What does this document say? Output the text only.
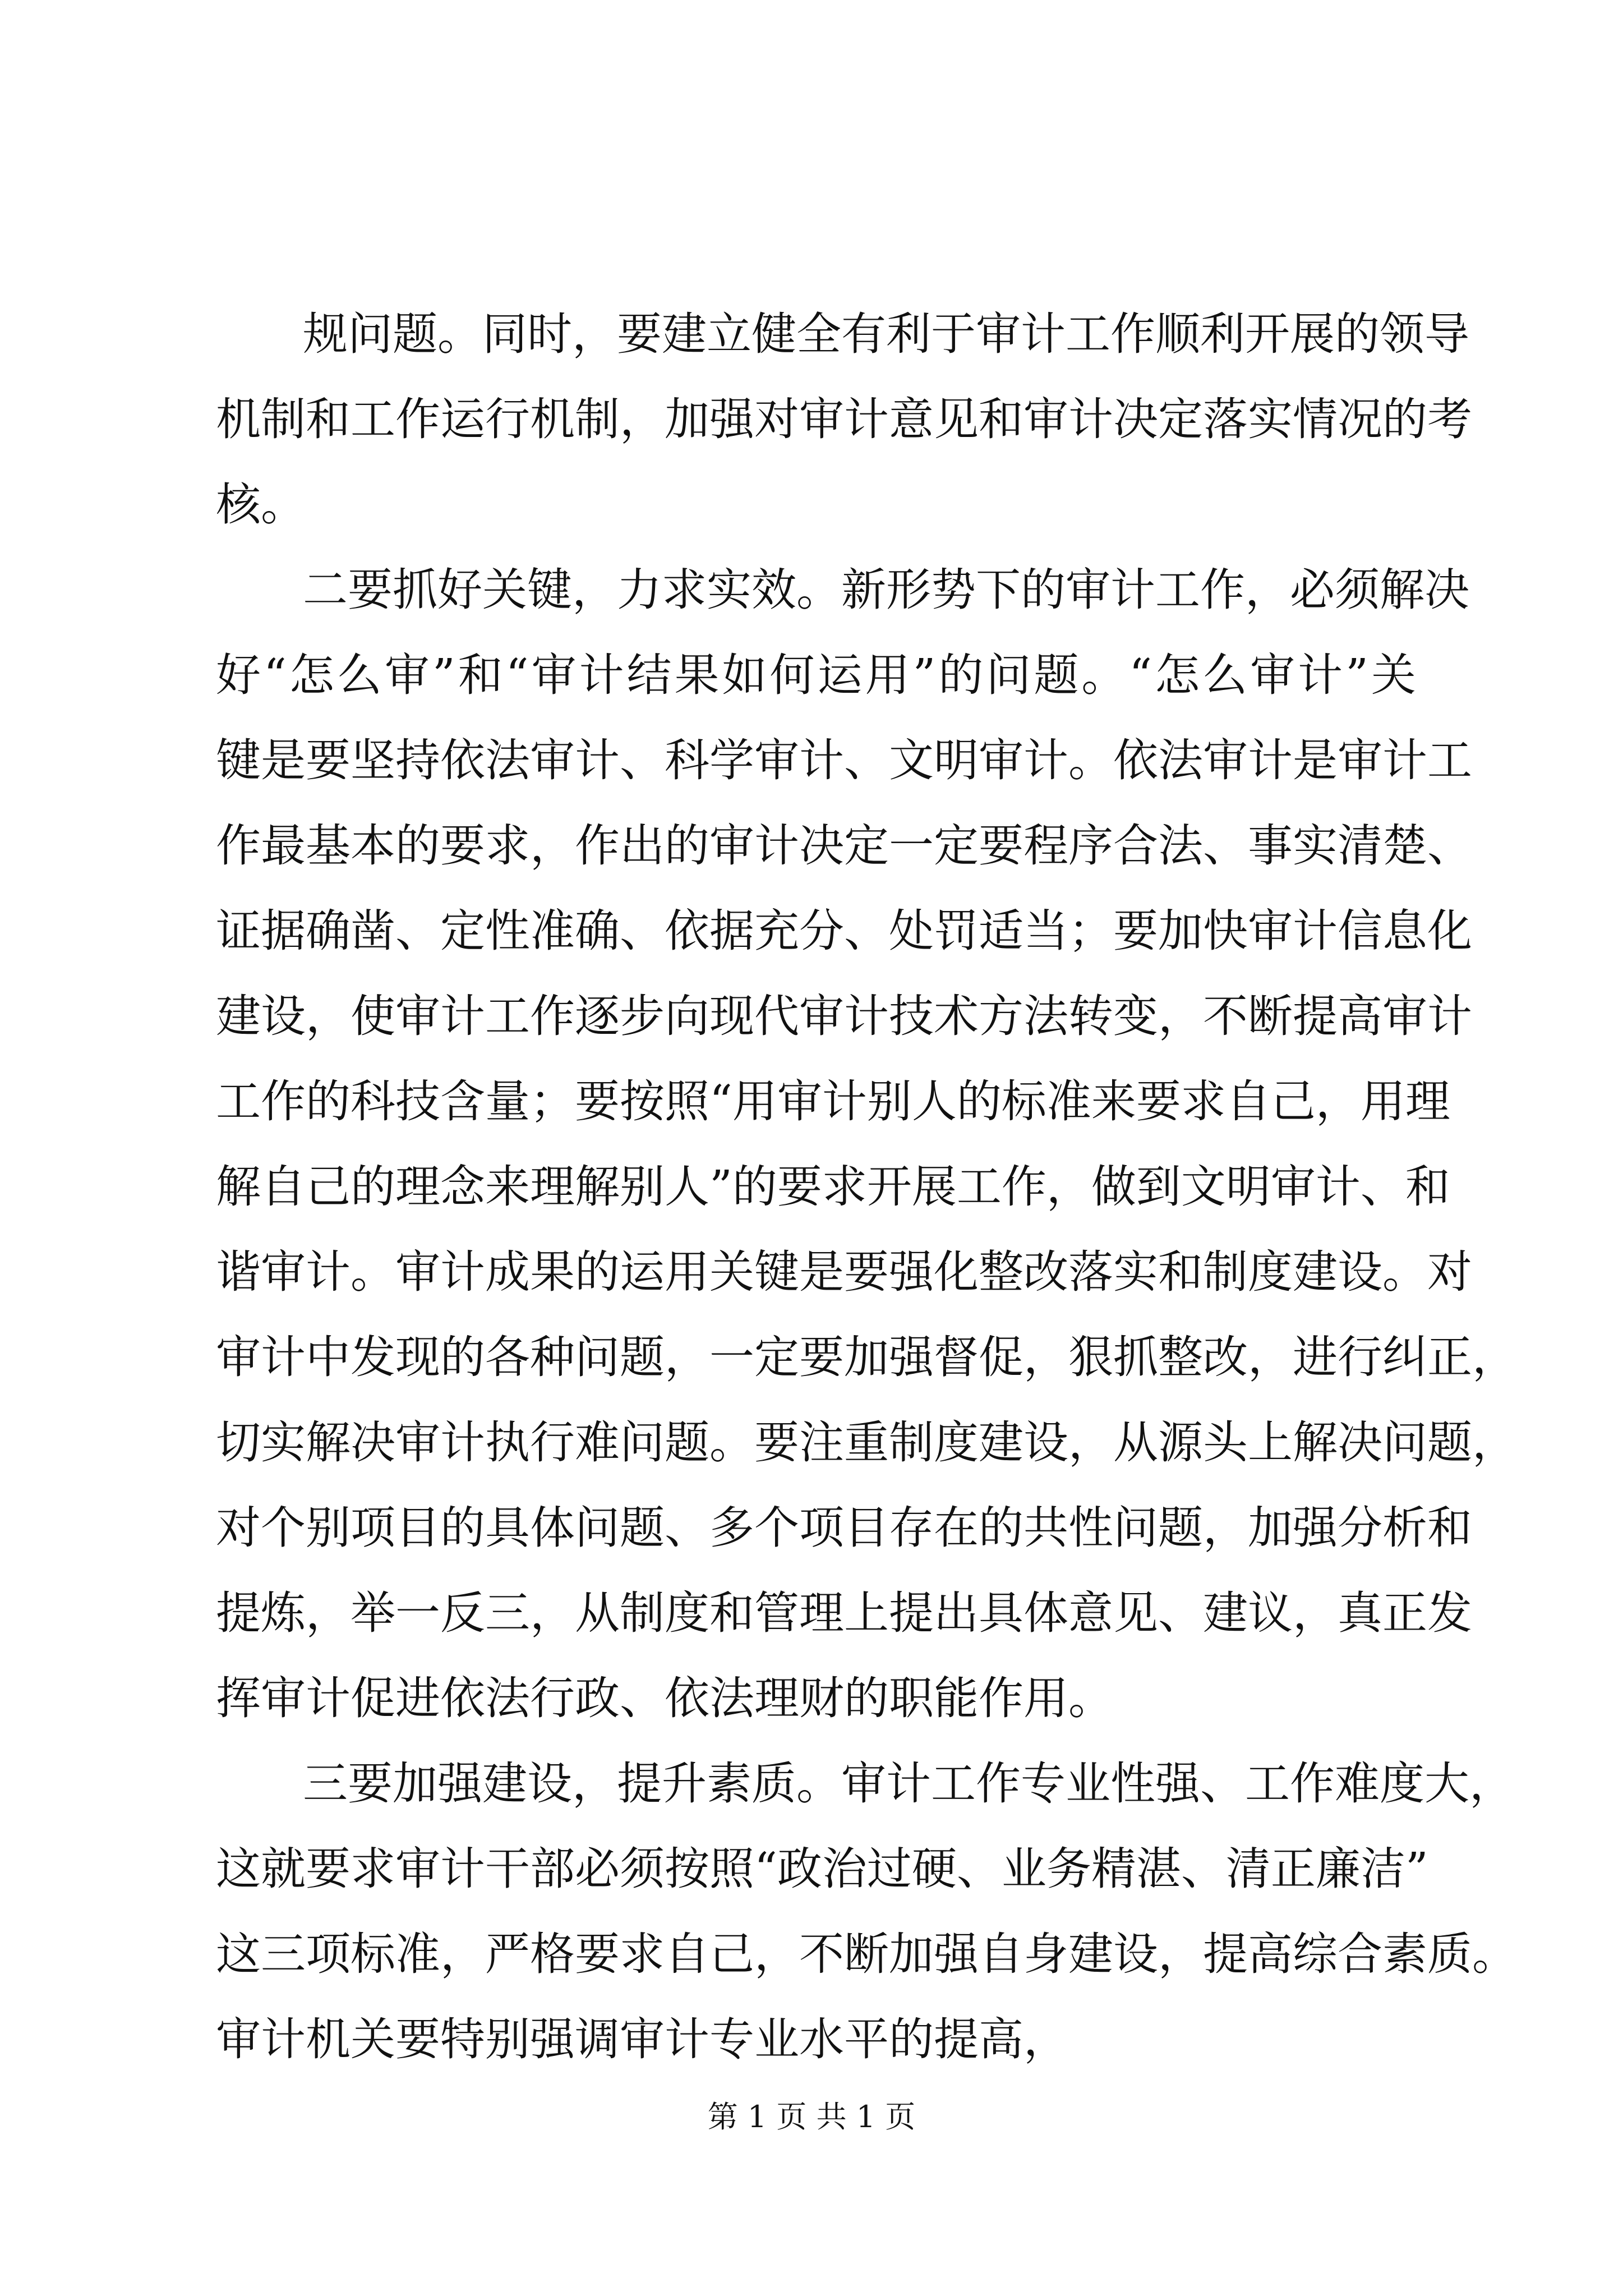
规问题。同时，要建立健全有利于审计工作顺利开展的领导
机制和工作运行机制，加强对审计意见和审计决定落实情况的考
核。
二要抓好关键，力求实效。新形势下的审计工作，必须解决
好“怎么审”和“审计结果如何运用”的问题。“怎么审计”关
键是要坚持依法审计、科学审计、文明审计。依法审计是审计工
作最基本的要求，作出的审计决定一定要程序合法、事实清楚、
证据确凿、定性准确、依据充分、处罚适当；要加快审计信息化
建设，使审计工作逐步向现代审计技术方法转变，不断提高审计
工作的科技含量；要按照“用审计别人的标准来要求自己，用理
解自己的理念来理解别人”的要求开展工作，做到文明审计、和
谐审计。审计成果的运用关键是要强化整改落实和制度建设。对
审计中发现的各种问题，一定要加强督促，狠抓整改，进行纠正，
切实解决审计执行难问题。要注重制度建设，从源头上解决问题，
对个别项目的具体问题、多个项目存在的共性问题，加强分析和
提炼，举一反三，从制度和管理上提出具体意见、建议，真正发
挥审计促进依法行政、依法理财的职能作用。
三要加强建设，提升素质。审计工作专业性强、工作难度大，
这就要求审计干部必须按照“政治过硬、业务精湛、清正廉洁”
这三项标准，严格要求自己，不断加强自身建设，提高综合素质。
审计机关要特别强调审计专业水平的提高，
第 1 页 共 1 页
